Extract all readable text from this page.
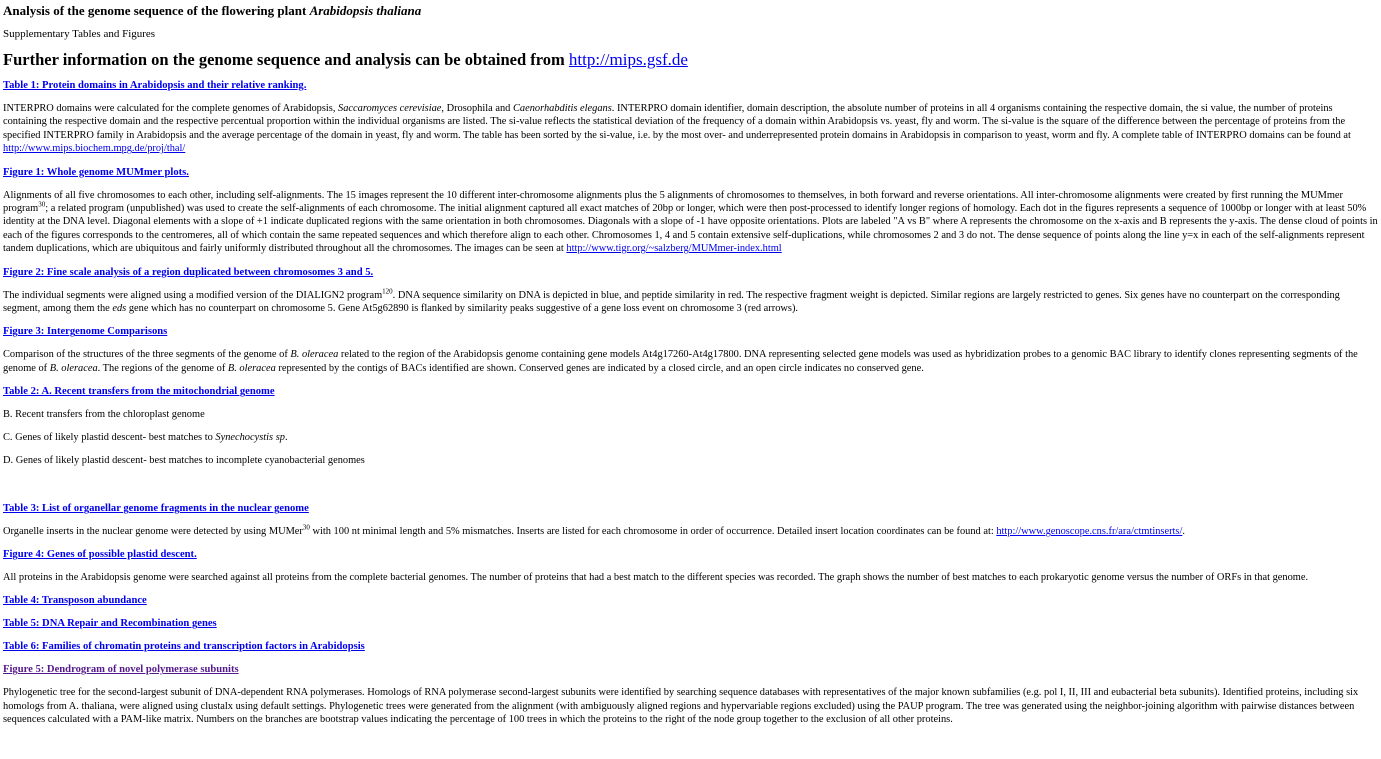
Analysis of the genome sequence of the flowering plant Arabidopsis thaliana
Supplementary Tables and Figures
Further information on the genome sequence and analysis can be obtained from http://mips.gsf.de
Table 1: Protein domains in Arabidopsis and their relative ranking.

INTERPRO domains were calculated for the complete genomes of Arabidopsis, Saccaromyces cerevisiae, Drosophila and Caenorhabditis elegans. INTERPRO domain identifier, domain description, the absolute number of proteins in all 4 organisms containing the respective domain, the si value, the number of proteins containing the respective domain and the respective percentual proportion within the individual organisms are listed. The si-value reflects the statistical deviation of the frequency of a domain within Arabidopsis vs. yeast, fly and worm. The si-value is the square of the difference between the percentage of proteins from the specified INTERPRO family in Arabidopsis and the average percentage of the domain in yeast, fly and worm. The table has been sorted by the si-value, i.e. by the most over- and underrepresented protein domains in Arabidopsis in comparison to yeast, worm and fly. A complete table of INTERPRO domains can be found at http://www.mips.biochem.mpg.de/proj/thal/

Figure 1: Whole genome MUMmer plots.

Alignments of all five chromosomes to each other, including self-alignments. The 15 images represent the 10 different inter-chromosome alignments plus the 5 alignments of chromosomes to themselves, in both forward and reverse orientations. All inter-chromosome alignments were created by first running the MUMmer program$^{30}$; a related program (unpublished) was used to create the self-alignments of each chromosome. The initial alignment captured all exact matches of 20bp or longer, which were then post-processed to identify longer regions of homology. Each dot in the figures represents a sequence of 1000bp or longer with at least 50% identity at the DNA level. Diagonal elements with a slope of +1 indicate duplicated regions with the same orientation in both chromosomes. Diagonals with a slope of -1 have opposite orientations. Plots are labeled "A vs B" where A represents the chromosome on the x-axis and B represents the y-axis. The dense cloud of points in each of the figures corresponds to the centromeres, all of which contain the same repeated sequences and which therefore align to each other. Chromosomes 1, 4 and 5 contain extensive self-duplications, while chromosomes 2 and 3 do not. The dense sequence of points along the line y=x in each of the self-alignments represent tandem duplications, which are ubiquitous and fairly uniformly distributed throughout all the chromosomes. The images can be seen at http://www.tigr.org/~salzberg/MUMmer-index.html

Figure 2: Fine scale analysis of a region duplicated between chromosomes 3 and 5.

The individual segments were aligned using a modified version of the DIALIGN2 program$^{120}$. DNA sequence similarity on DNA is depicted in blue, and peptide similarity in red. The respective fragment weight is depicted. Similar regions are largely restricted to genes. Six genes have no counterpart on the corresponding segment, among them the eds gene which has no counterpart on chromosome 5. Gene At5g62890 is flanked by similarity peaks suggestive of a gene loss event on chromosome 3 (red arrows).

Figure 3: Intergenome Comparisons

Comparison of the structures of the three segments of the genome of B. oleracea related to the region of the Arabidopsis genome containing gene models At4g17260-At4g17800. DNA representing selected gene models was used as hybridization probes to a genomic BAC library to identify clones representing segments of the genome of B. oleracea. The regions of the genome of B. oleracea represented by the contigs of BACs identified are shown. Conserved genes are indicated by a closed circle, and an open circle indicates no conserved gene.

Table 2: A. Recent transfers from the mitochondrial genome

B. Recent transfers from the chloroplast genome

C. Genes of likely plastid descent- best matches to Synechocystis sp.

D. Genes of likely plastid descent- best matches to incomplete cyanobacterial genomes

Table 3: List of organellar genome fragments in the nuclear genome

Organelle inserts in the nuclear genome were detected by using MUMer$^{30}$ with 100 nt minimal length and 5% mismatches. Inserts are listed for each chromosome in order of occurrence. Detailed insert location coordinates can be found at: http://www.genoscope.cns.fr/ara/ctmtinserts/.

Figure 4: Genes of possible plastid descent.

All proteins in the Arabidopsis genome were searched against all proteins from the complete bacterial genomes. The number of proteins that had a best match to the different species was recorded. The graph shows the number of best matches to each prokaryotic genome versus the number of ORFs in that genome.

Table 4: Transposon abundance
Table 5: DNA Repair and Recombination genes
Table 6: Families of chromatin proteins and transcription factors in Arabidopsis
Figure 5: Dendrogram of novel polymerase subunits

Phylogenetic tree for the second-largest subunit of DNA-dependent RNA polymerases. Homologs of RNA polymerase second-largest subunits were identified by searching sequence databases with representatives of the major known subfamilies (e.g. pol I, II, III and eubacterial beta subunits). Identified proteins, including six homologs from A. thaliana, were aligned using clustalx using default settings. Phylogenetic trees were generated from the alignment (with ambiguously aligned regions and hypervariable regions excluded) using the PAUP program. The tree was generated using the neighbor-joining algorithm with pairwise distances between sequences calculated with a PAM-like matrix. Numbers on the branches are bootstrap values indicating the percentage of 100 trees in which the proteins to the right of the node group together to the exclusion of all other proteins.
